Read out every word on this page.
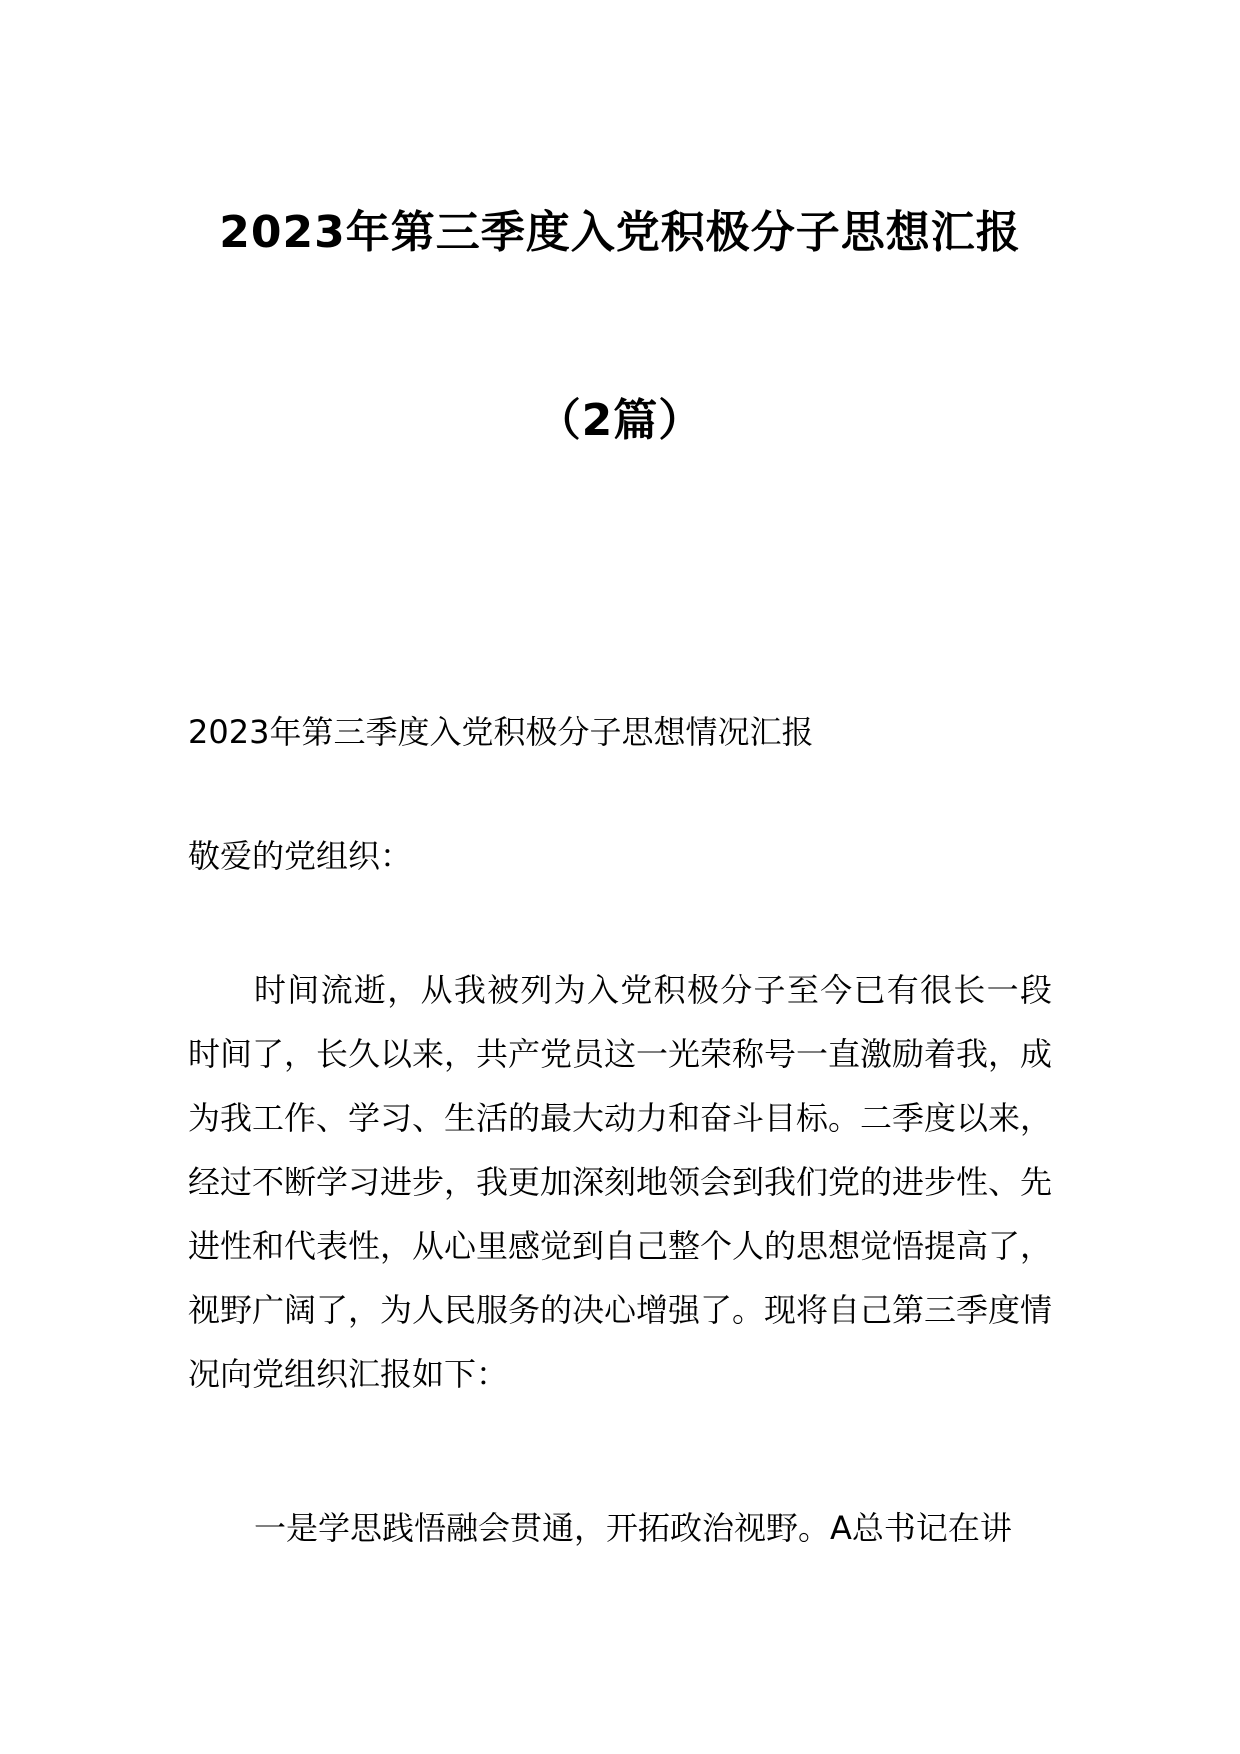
2023年第三季度入党积极分子思想汇报
（2篇）
2023年第三季度入党积极分子思想情况汇报
敬爱的党组织：
时间流逝，从我被列为入党积极分子至今已有很长一段时间了，长久以来，共产党员这一光荣称号一直激励着我，成为我工作、学习、生活的最大动力和奋斗目标。二季度以来，经过不断学习进步，我更加深刻地领会到我们党的进步性、先进性和代表性，从心里感觉到自己整个人的思想觉悟提高了，视野广阔了，为人民服务的决心增强了。现将自己第三季度情况向党组织汇报如下：
一是学思践悟融会贯通，开拓政治视野。A总书记在讲
